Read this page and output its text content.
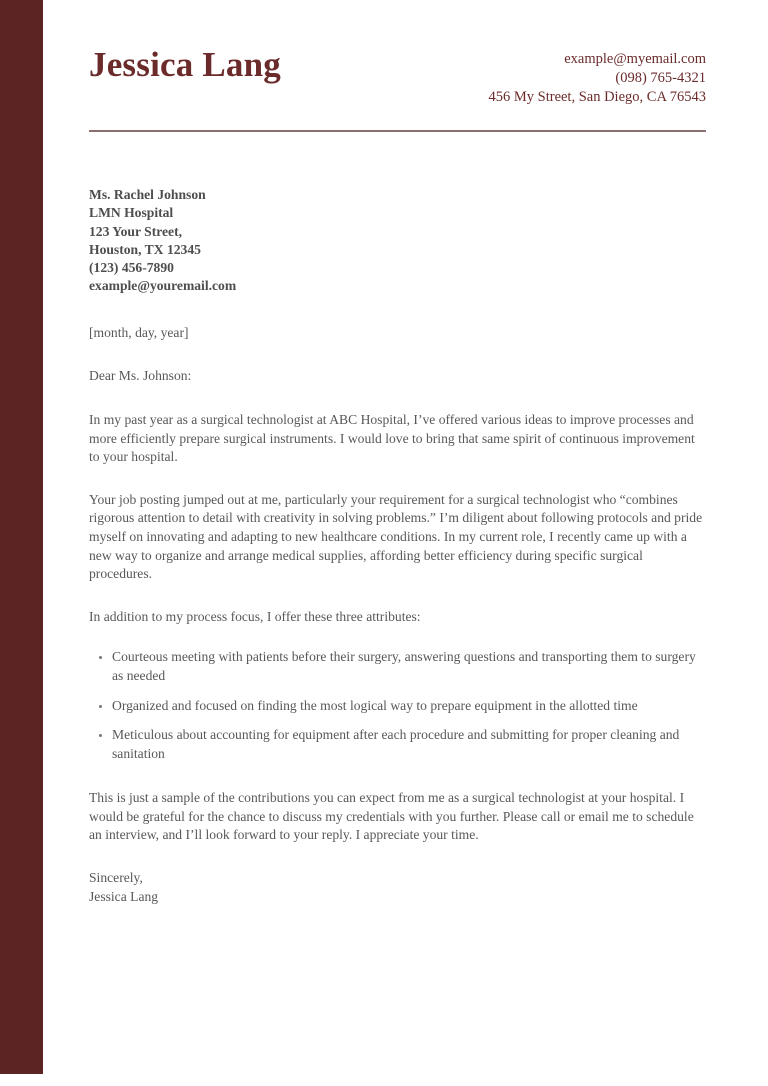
Jessica Lang	example@myemail.com
(098) 765-4321
456 My Street, San Diego, CA 76543
Ms. Rachel Johnson
LMN Hospital
123 Your Street,
Houston, TX 12345
(123) 456-7890
example@youremail.com

[month, day, year]

Dear Ms. Johnson:

In my past year as a surgical technologist at ABC Hospital, I’ve offered various ideas to improve processes and more efficiently prepare surgical instruments. I would love to bring that same spirit of continuous improvement to your hospital.

Your job posting jumped out at me, particularly your requirement for a surgical technologist who “combines rigorous attention to detail with creativity in solving problems.” I’m diligent about following protocols and pride myself on innovating and adapting to new healthcare conditions. In my current role, I recently came up with a new way to organize and arrange medical supplies, affording better efficiency during specific surgical procedures.

In addition to my process focus, I offer these three attributes:

Courteous meeting with patients before their surgery, answering questions and transporting them to surgery as needed
Organized and focused on finding the most logical way to prepare equipment in the allotted time
Meticulous about accounting for equipment after each procedure and submitting for proper cleaning and sanitation

This is just a sample of the contributions you can expect from me as a surgical technologist at your hospital. I would be grateful for the chance to discuss my credentials with you further. Please call or email me to schedule an interview, and I’ll look forward to your reply. I appreciate your time.

Sincerely,
Jessica Lang
